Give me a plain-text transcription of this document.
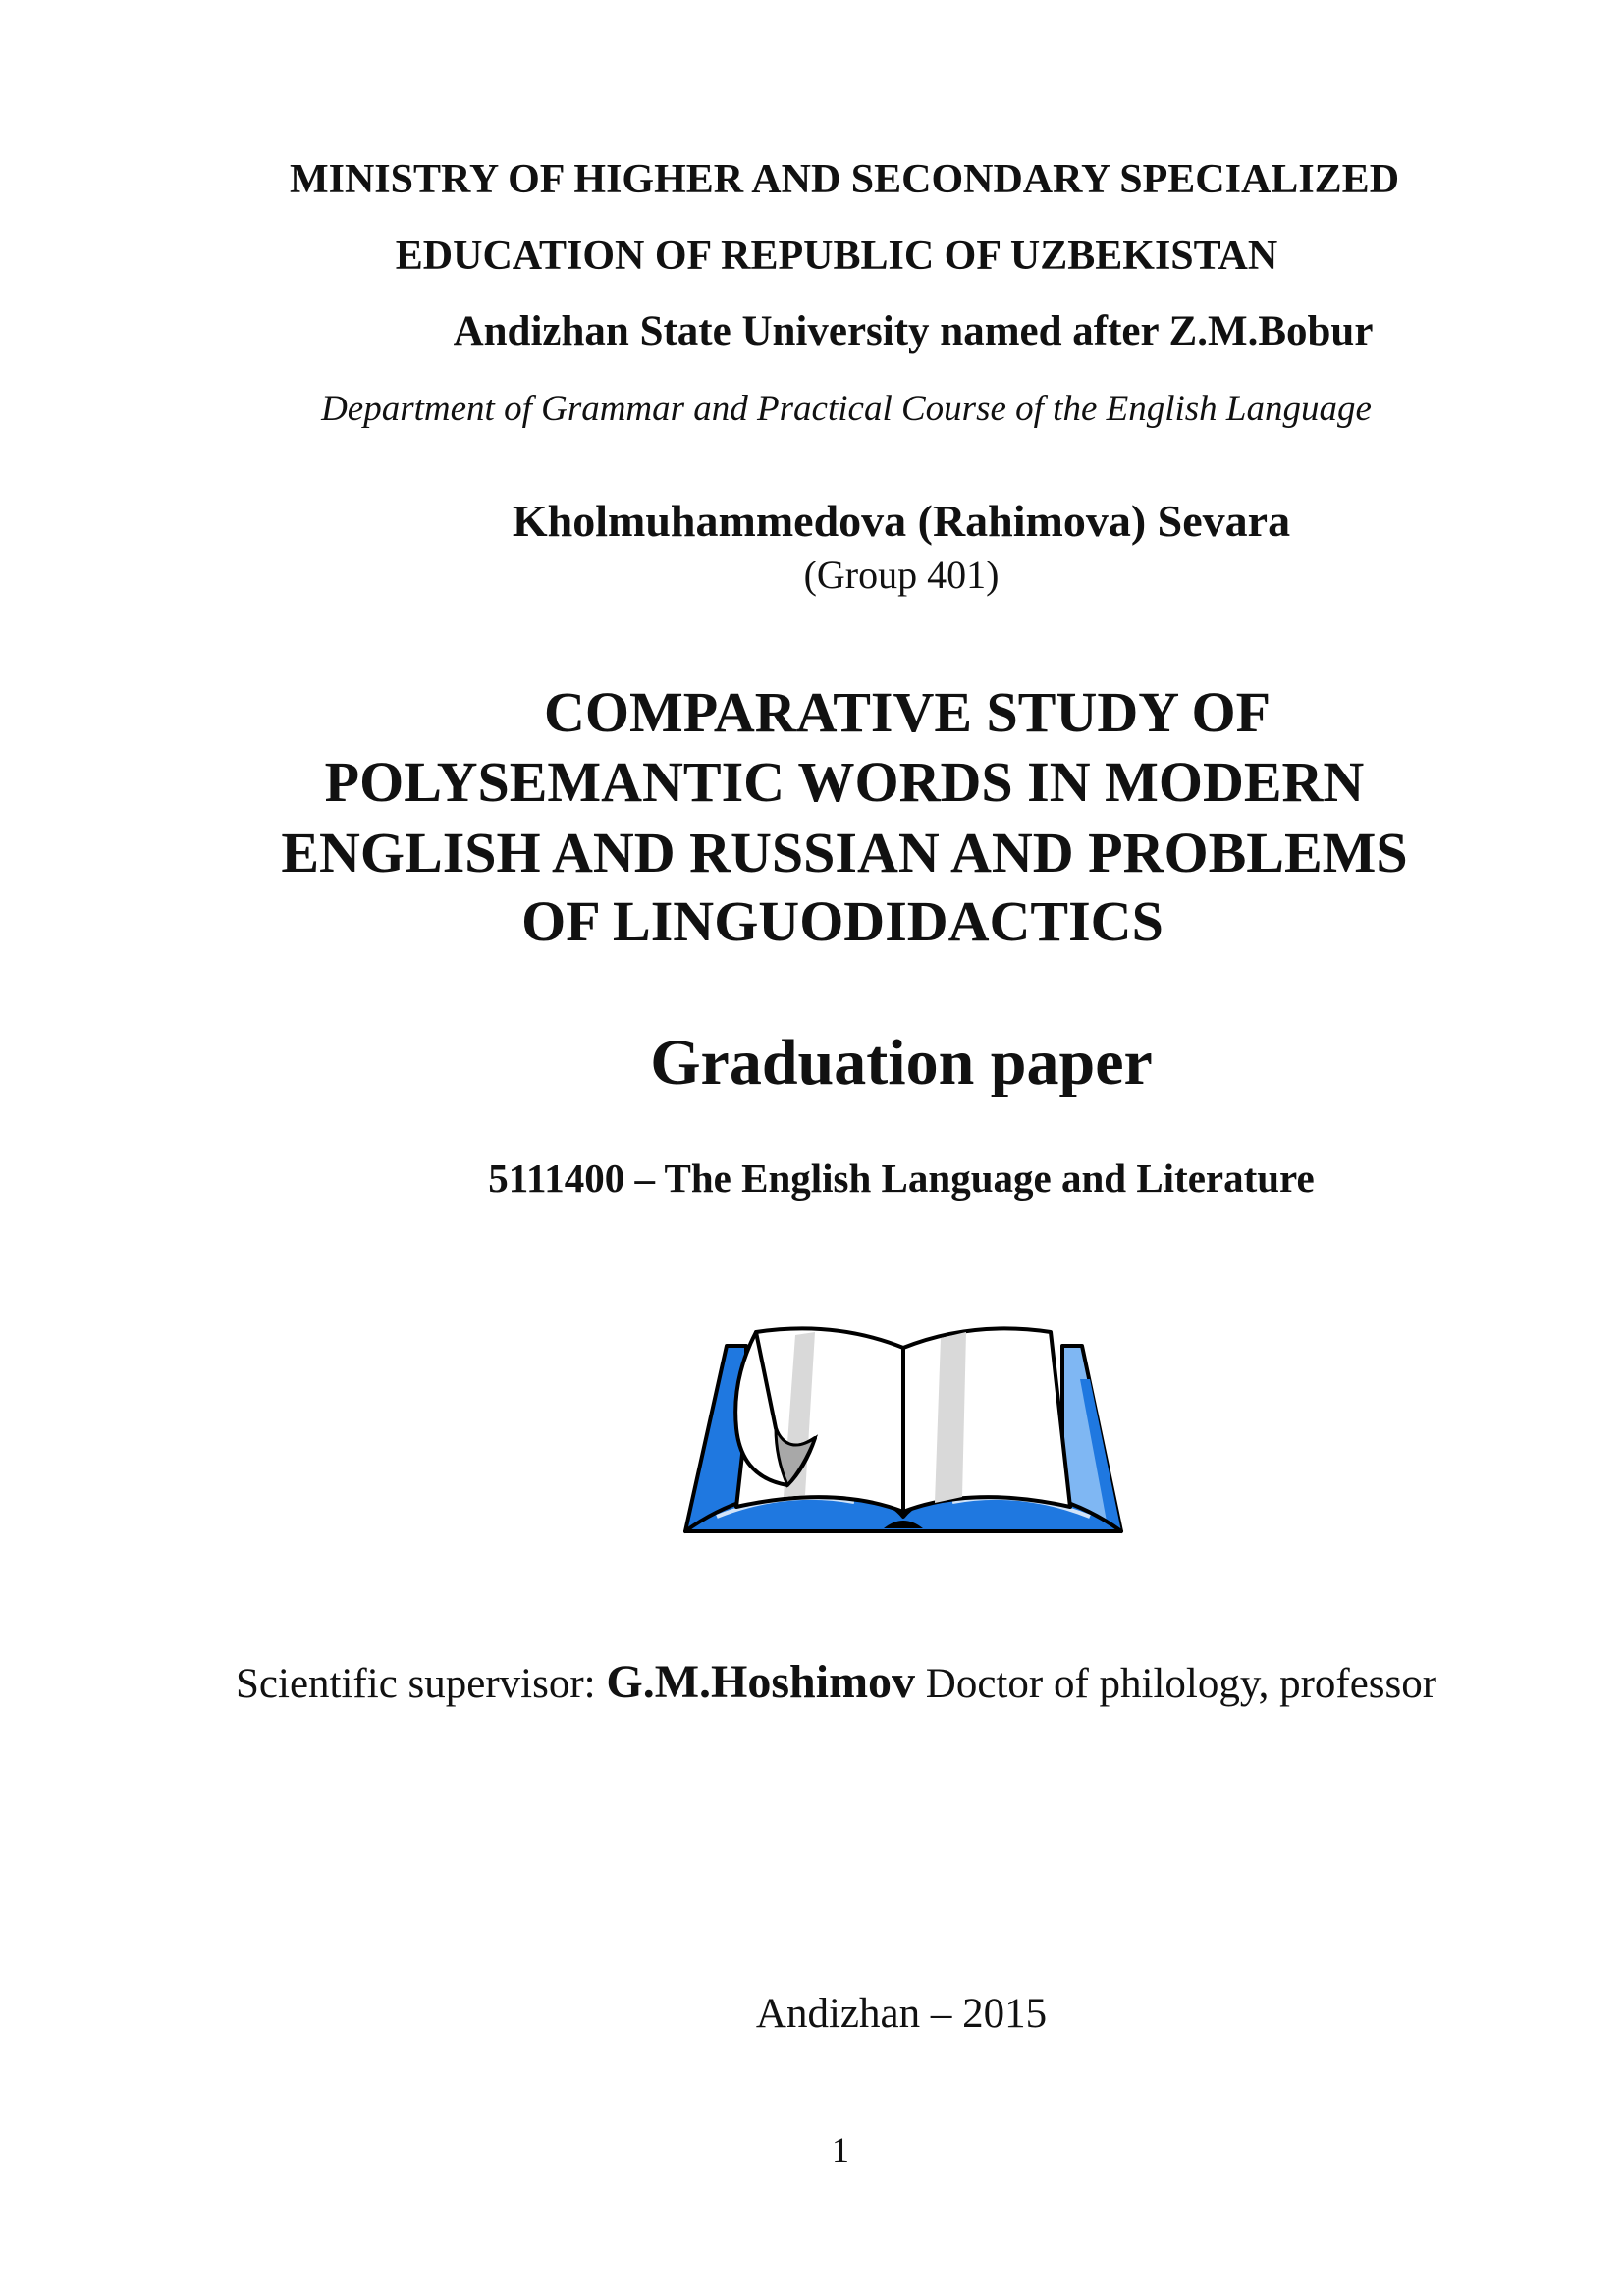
MINISTRY OF HIGHER AND SECONDARY SPECIALIZED
EDUCATION OF REPUBLIC OF UZBEKISTAN
Andizhan State University named after Z.M.Bobur
Department of Grammar and Practical Course of the English Language
Kholmuhammedova (Rahimova) Sevara
(Group 401)
COMPARATIVE STUDY OF
POLYSEMANTIC WORDS IN MODERN
ENGLISH AND RUSSIAN AND PROBLEMS
OF LINGUODIDACTICS
Graduation paper
5111400 – The English Language and Literature
Scientific supervisor: G.M.Hoshimov Doctor of philology, professor
Andizhan – 2015
1
